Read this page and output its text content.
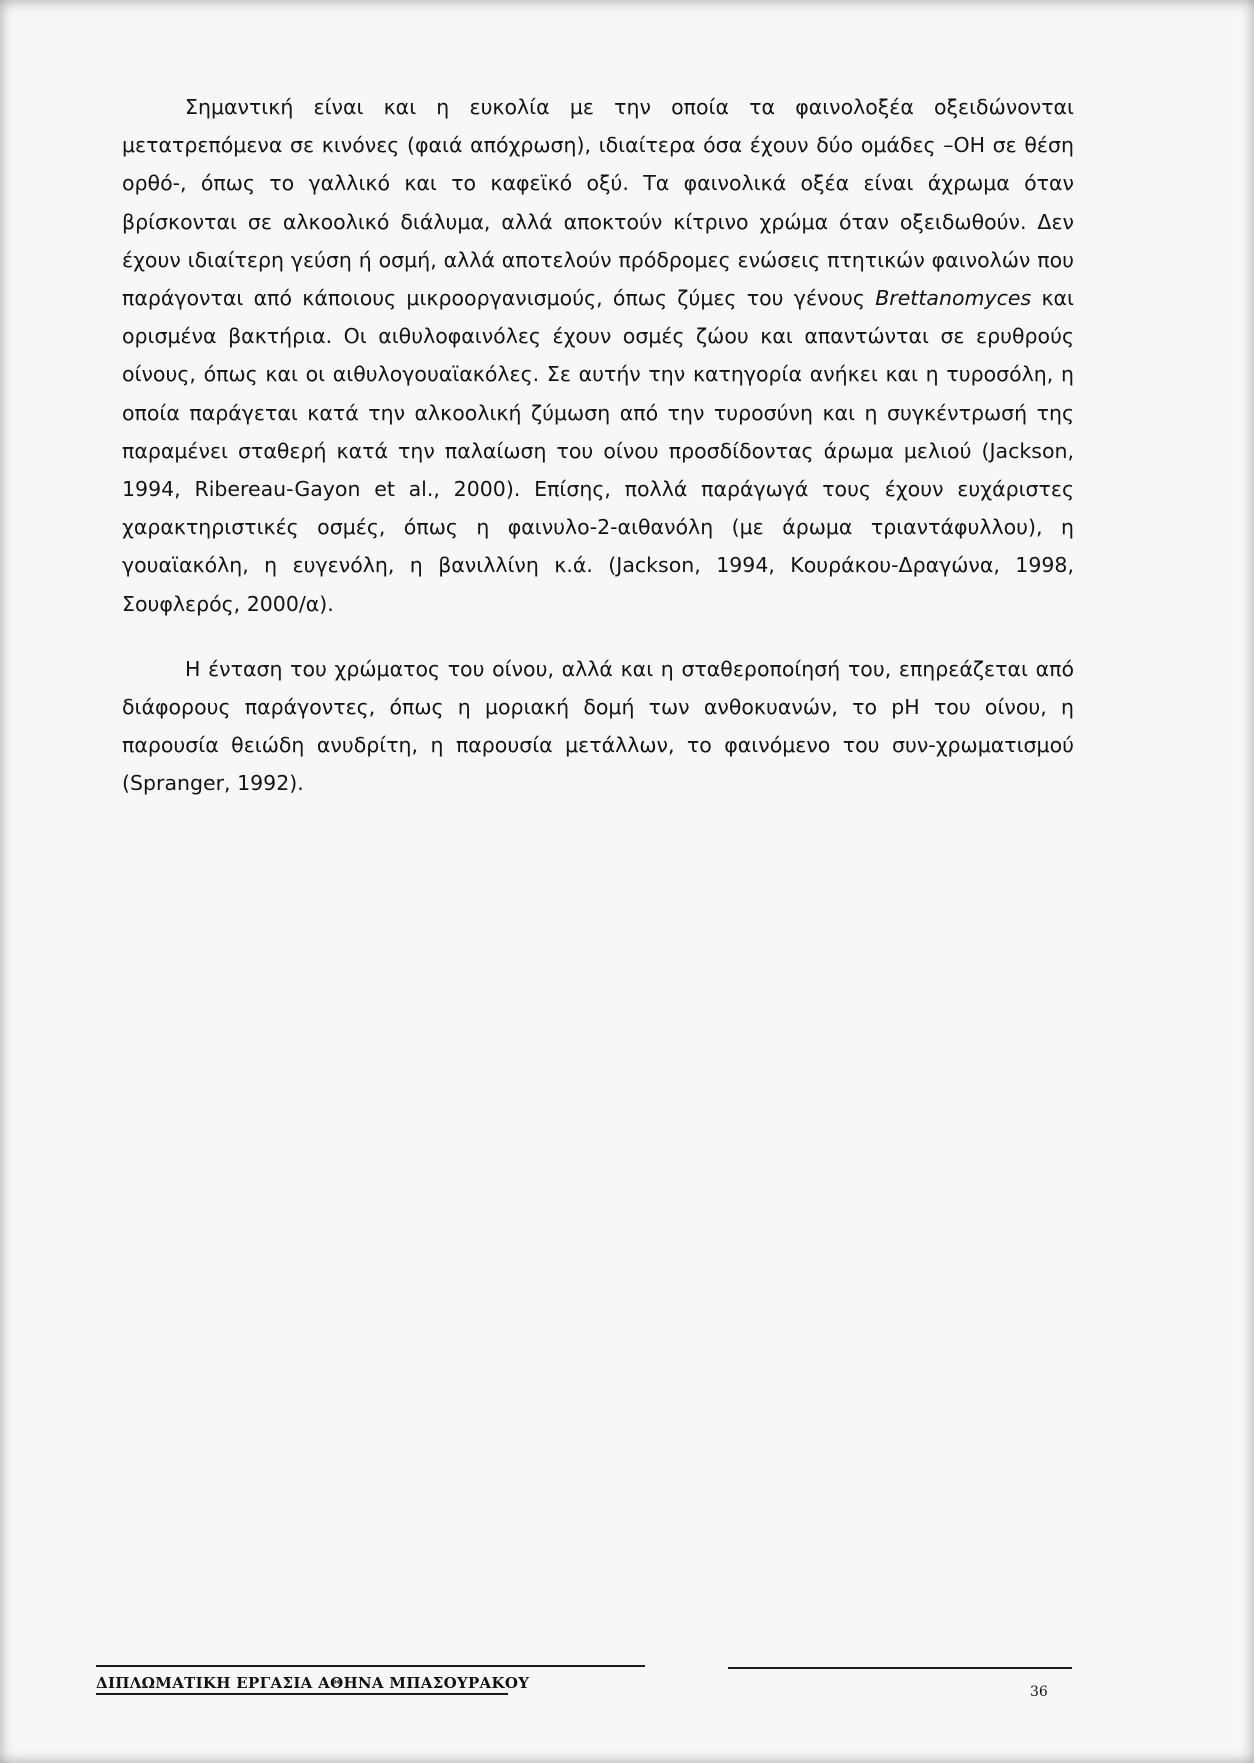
Σημαντική είναι και η ευκολία με την οποία τα φαινολοξέα οξειδώνονται μετατρεπόμενα σε κινόνες (φαιά απόχρωση), ιδιαίτερα όσα έχουν δύο ομάδες –OH σε θέση ορθό-, όπως το γαλλικό και το καφεϊκό οξύ. Τα φαινολικά οξέα είναι άχρωμα όταν βρίσκονται σε αλκοολικό διάλυμα, αλλά αποκτούν κίτρινο χρώμα όταν οξειδωθούν. Δεν έχουν ιδιαίτερη γεύση ή οσμή, αλλά αποτελούν πρόδρομες ενώσεις πτητικών φαινολών που παράγονται από κάποιους μικροοργανισμούς, όπως ζύμες του γένους Brettanomyces και ορισμένα βακτήρια. Οι αιθυλοφαινόλες έχουν οσμές ζώου και απαντώνται σε ερυθρούς οίνους, όπως και οι αιθυλογουαϊακόλες. Σε αυτήν την κατηγορία ανήκει και η τυροσόλη, η οποία παράγεται κατά την αλκοολική ζύμωση από την τυροσύνη και η συγκέντρωσή της παραμένει σταθερή κατά την παλαίωση του οίνου προσδίδοντας άρωμα μελιού (Jackson, 1994, Ribereau-Gayon et al., 2000). Επίσης, πολλά παράγωγά τους έχουν ευχάριστες χαρακτηριστικές οσμές, όπως η φαινυλο-2-αιθανόλη (με άρωμα τριαντάφυλλου), η γουαϊακόλη, η ευγενόλη, η βανιλλίνη κ.ά. (Jackson, 1994, Κουράκου-Δραγώνα, 1998, Σουφλερός, 2000/α).

Η ένταση του χρώματος του οίνου, αλλά και η σταθεροποίησή του, επηρεάζεται από διάφορους παράγοντες, όπως η μοριακή δομή των ανθοκυανών, το pH του οίνου, η παρουσία θειώδη ανυδρίτη, η παρουσία μετάλλων, το φαινόμενο του συν-χρωματισμού (Spranger, 1992).

ΔΙΠΛΩΜΑΤΙΚΗ ΕΡΓΑΣΙΑ ΑΘΗΝΑ ΜΠΑΣΟΥΡΑΚΟΥ	36
